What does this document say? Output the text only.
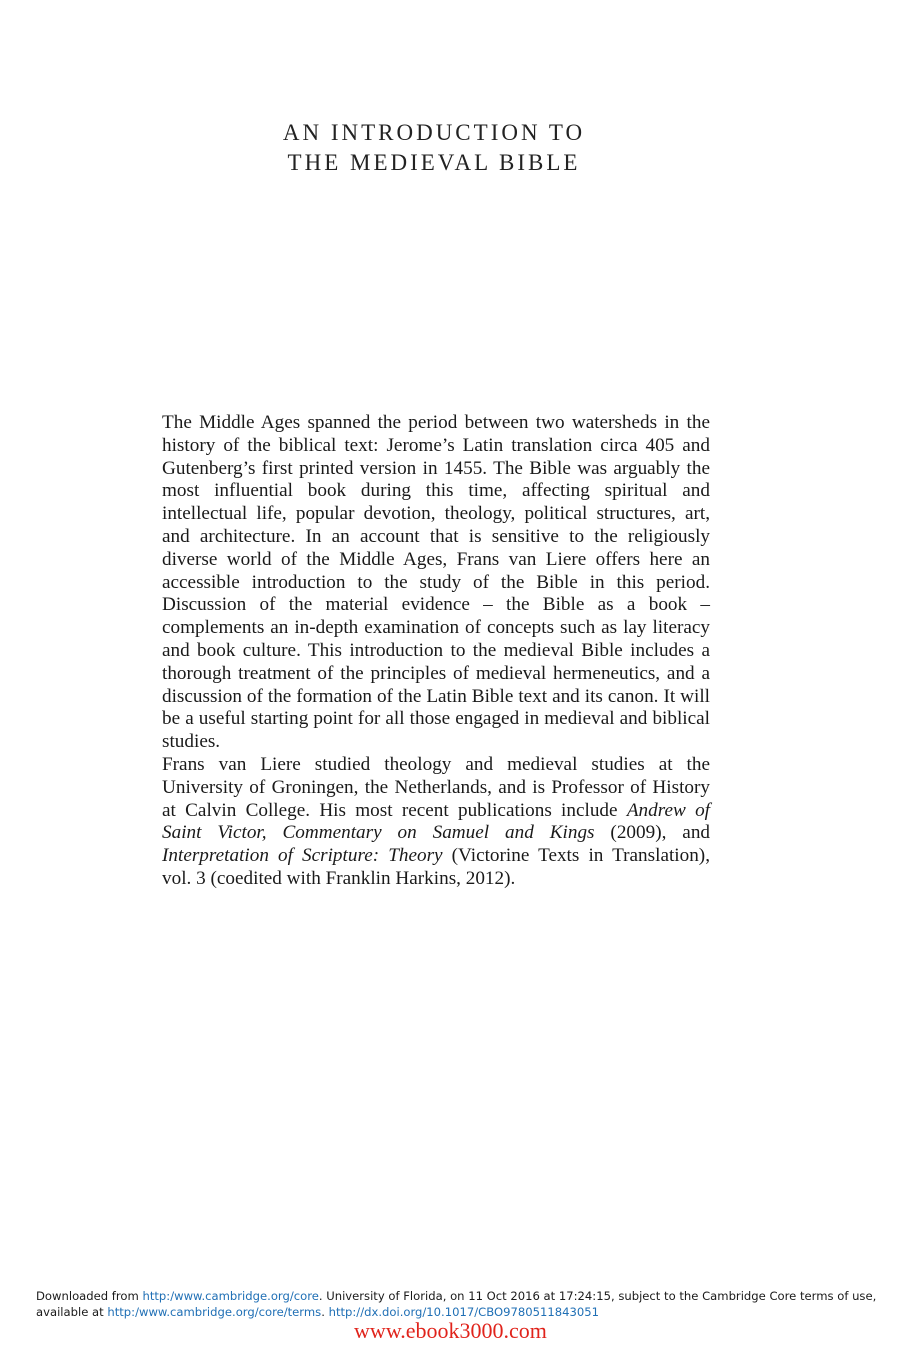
AN INTRODUCTION TO
THE MEDIEVAL BIBLE
The Middle Ages spanned the period between two watersheds in the history of the biblical text: Jerome’s Latin translation circa 405 and Gutenberg’s first printed version in 1455. The Bible was arguably the most influential book during this time, affecting spiritual and intellectual life, popular devotion, theology, political structures, art, and architecture. In an account that is sensitive to the religiously diverse world of the Middle Ages, Frans van Liere offers here an accessible introduction to the study of the Bible in this period. Discussion of the material evidence – the Bible as a book – complements an in-depth examination of concepts such as lay literacy and book culture. This introduction to the medieval Bible includes a thorough treatment of the principles of medieval hermeneutics, and a discussion of the formation of the Latin Bible text and its canon. It will be a useful starting point for all those engaged in medieval and biblical studies.
Frans van Liere studied theology and medieval studies at the University of Groningen, the Netherlands, and is Professor of History at Calvin College. His most recent publications include Andrew of Saint Victor, Commentary on Samuel and Kings (2009), and Interpretation of Scripture: Theory (Victorine Texts in Translation), vol. 3 (coedited with Franklin Harkins, 2012).
Downloaded from http:/www.cambridge.org/core. University of Florida, on 11 Oct 2016 at 17:24:15, subject to the Cambridge Core terms of use,
available at http:/www.cambridge.org/core/terms. http://dx.doi.org/10.1017/CBO9780511843051
www.ebook3000.com
